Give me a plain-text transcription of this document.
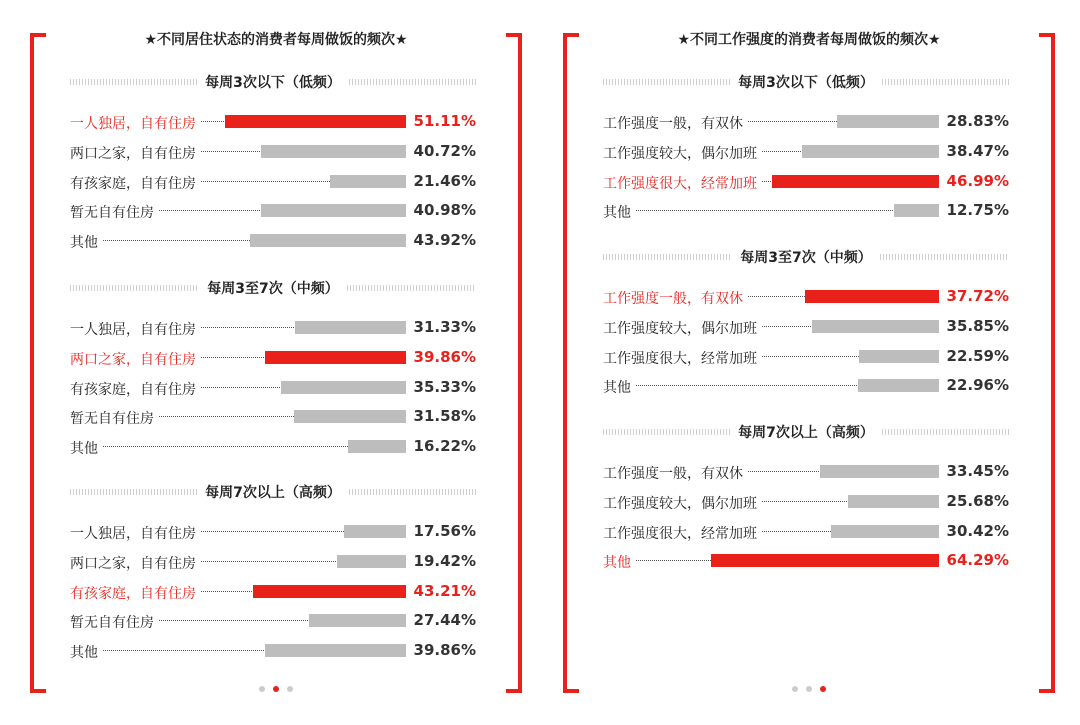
★不同居住状态的消费者每周做饭的频次★
每周3次以下（低频）
一人独居，自有住房	51.11%
两口之家，自有住房	40.72%
有孩家庭，自有住房	21.46%
暂无自有住房	40.98%
其他	43.92%
每周3至7次（中频）
一人独居，自有住房	31.33%
两口之家，自有住房	39.86%
有孩家庭，自有住房	35.33%
暂无自有住房	31.58%
其他	16.22%
每周7次以上（高频）
一人独居，自有住房	17.56%
两口之家，自有住房	19.42%
有孩家庭，自有住房	43.21%
暂无自有住房	27.44%
其他	39.86%
★不同工作强度的消费者每周做饭的频次★
每周3次以下（低频）
工作强度一般，有双休	28.83%
工作强度较大，偶尔加班	38.47%
工作强度很大，经常加班	46.99%
其他	12.75%
每周3至7次（中频）
工作强度一般，有双休	37.72%
工作强度较大，偶尔加班	35.85%
工作强度很大，经常加班	22.59%
其他	22.96%
每周7次以上（高频）
工作强度一般，有双休	33.45%
工作强度较大，偶尔加班	25.68%
工作强度很大，经常加班	30.42%
其他	64.29%
